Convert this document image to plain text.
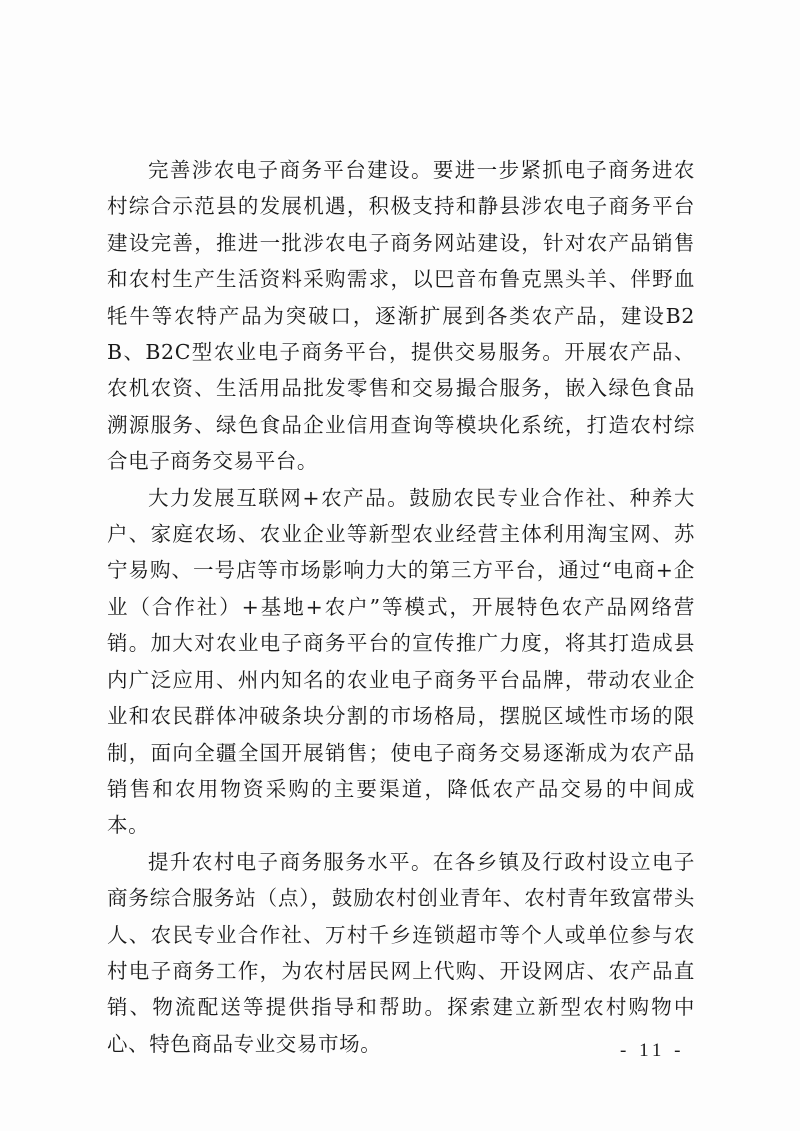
完善涉农电子商务平台建设。要进一步紧抓电子商务进农村综合示范县的发展机遇，积极支持和静县涉农电子商务平台建设完善，推进一批涉农电子商务网站建设，针对农产品销售和农村生产生活资料采购需求，以巴音布鲁克黑头羊、伴野血牦牛等农特产品为突破口，逐渐扩展到各类农产品，建设B2B、B2C型农业电子商务平台，提供交易服务。开展农产品、农机农资、生活用品批发零售和交易撮合服务，嵌入绿色食品溯源服务、绿色食品企业信用查询等模块化系统，打造农村综合电子商务交易平台。

大力发展互联网+农产品。鼓励农民专业合作社、种养大户、家庭农场、农业企业等新型农业经营主体利用淘宝网、苏宁易购、一号店等市场影响力大的第三方平台，通过“电商+企业（合作社）+基地+农户”等模式，开展特色农产品网络营销。加大对农业电子商务平台的宣传推广力度，将其打造成县内广泛应用、州内知名的农业电子商务平台品牌，带动农业企业和农民群体冲破条块分割的市场格局，摆脱区域性市场的限制，面向全疆全国开展销售；使电子商务交易逐渐成为农产品销售和农用物资采购的主要渠道，降低农产品交易的中间成本。

提升农村电子商务服务水平。在各乡镇及行政村设立电子商务综合服务站（点），鼓励农村创业青年、农村青年致富带头人、农民专业合作社、万村千乡连锁超市等个人或单位参与农村电子商务工作，为农村居民网上代购、开设网店、农产品直销、物流配送等提供指导和帮助。探索建立新型农村购物中心、特色商品专业交易市场。	- 11 -
